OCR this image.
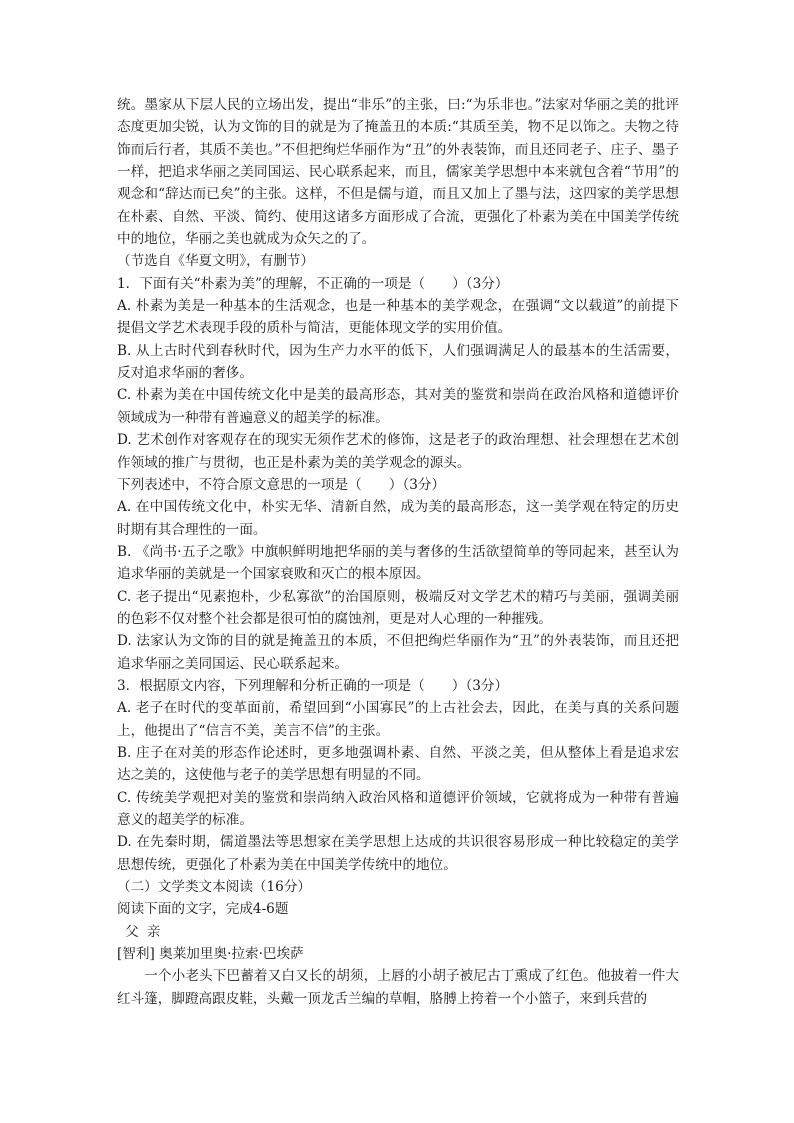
统。墨家从下层人民的立场出发，提出“非乐”的主张，曰:“为乐非也。”法家对华丽之美的批评态度更加尖锐，认为文饰的目的就是为了掩盖丑的本质:“其质至美，物不足以饰之。夫物之待饰而后行者，其质不美也。”不但把绚烂华丽作为“丑”的外表装饰，而且还同老子、庄子、墨子一样，把追求华丽之美同国运、民心联系起来，而且，儒家美学思想中本来就包含着“节用”的观念和“辞达而已矣”的主张。这样，不但是儒与道，而且又加上了墨与法，这四家的美学思想在朴素、自然、平淡、简约、使用这诸多方面形成了合流，更强化了朴素为美在中国美学传统中的地位，华丽之美也就成为众矢之的了。

（节选自《华夏文明》，有删节）

1．下面有关“朴素为美”的理解，不正确的一项是（　　）（3分）

A. 朴素为美是一种基本的生活观念，也是一种基本的美学观念，在强调“文以载道”的前提下提倡文学艺术表现手段的质朴与简洁，更能体现文学的实用价值。

B. 从上古时代到春秋时代，因为生产力水平的低下，人们强调满足人的最基本的生活需要，反对追求华丽的奢侈。

C. 朴素为美在中国传统文化中是美的最高形态，其对美的鉴赏和崇尚在政治风格和道德评价领域成为一种带有普遍意义的超美学的标准。

D. 艺术创作对客观存在的现实无须作艺术的修饰，这是老子的政治理想、社会理想在艺术创作领域的推广与贯彻，也正是朴素为美的美学观念的源头。

下列表述中，不符合原文意思的一项是（　　）（3分）

A. 在中国传统文化中，朴实无华、清新自然，成为美的最高形态，这一美学观在特定的历史时期有其合理性的一面。

B. 《尚书·五子之歌》中旗帜鲜明地把华丽的美与奢侈的生活欲望简单的等同起来，甚至认为追求华丽的美就是一个国家衰败和灭亡的根本原因。

C. 老子提出“见素抱朴，少私寡欲”的治国原则，极端反对文学艺术的精巧与美丽，强调美丽的色彩不仅对整个社会都是很可怕的腐蚀剂，更是对人心理的一种摧残。

D. 法家认为文饰的目的就是掩盖丑的本质，不但把绚烂华丽作为“丑”的外表装饰，而且还把追求华丽之美同国运、民心联系起来。

3．根据原文内容，下列理解和分析正确的一项是（　　）（3分）

A. 老子在时代的变革面前，希望回到“小国寡民”的上古社会去，因此，在美与真的关系问题上，他提出了“信言不美，美言不信”的主张。

B. 庄子在对美的形态作论述时，更多地强调朴素、自然、平淡之美，但从整体上看是追求宏达之美的，这使他与老子的美学思想有明显的不同。

C. 传统美学观把对美的鉴赏和崇尚纳入政治风格和道德评价领域，它就将成为一种带有普遍意义的超美学的标准。

D. 在先秦时期，儒道墨法等思想家在美学思想上达成的共识很容易形成一种比较稳定的美学思想传统，更强化了朴素为美在中国美学传统中的地位。

（二）文学类文本阅读（16分）

阅读下面的文字，完成4-6题

父亲

[智利] 奥莱加里奥·拉索·巴埃萨

一个小老头下巴蓄着又白又长的胡须，上唇的小胡子被尼古丁熏成了红色。他披着一件大红斗篷，脚蹬高跟皮鞋，头戴一顶龙舌兰编的草帽，胳膊上挎着一个小篮子，来到兵营的
